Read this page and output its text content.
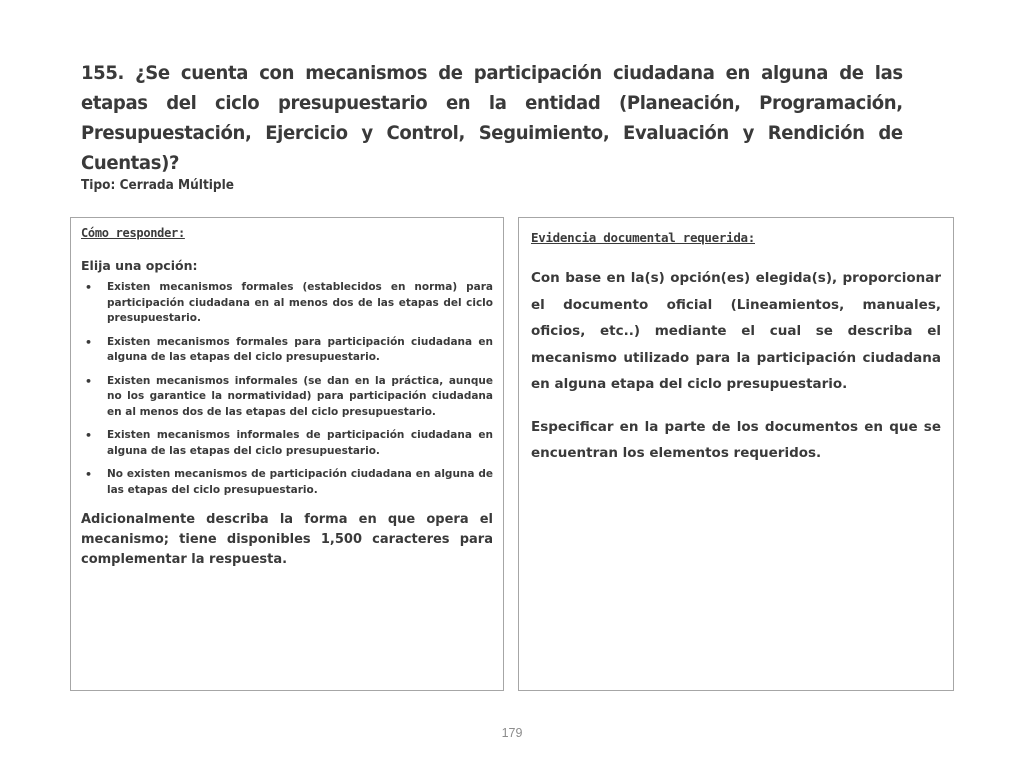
155. ¿Se cuenta con mecanismos de participación ciudadana en alguna de las etapas del ciclo presupuestario en la entidad (Planeación, Programación, Presupuestación, Ejercicio y Control, Seguimiento, Evaluación y Rendición de Cuentas)?
Tipo: Cerrada Múltiple
Cómo responder:
Elija una opción:
• Existen mecanismos formales (establecidos en norma) para participación ciudadana en al menos dos de las etapas del ciclo presupuestario.
• Existen mecanismos formales para participación ciudadana en alguna de las etapas del ciclo presupuestario.
• Existen mecanismos informales (se dan en la práctica, aunque no los garantice la normatividad) para participación ciudadana en al menos dos de las etapas del ciclo presupuestario.
• Existen mecanismos informales de participación ciudadana en alguna de las etapas del ciclo presupuestario.
• No existen mecanismos de participación ciudadana en alguna de las etapas del ciclo presupuestario.

Adicionalmente describa la forma en que opera el mecanismo; tiene disponibles 1,500 caracteres para complementar la respuesta.

Evidencia documental requerida:

Con base en la(s) opción(es) elegida(s), proporcionar el documento oficial (Lineamientos, manuales, oficios, etc..) mediante el cual se describa el mecanismo utilizado para la participación ciudadana en alguna etapa del ciclo presupuestario.

Especificar en la parte de los documentos en que se encuentran los elementos requeridos.

179
